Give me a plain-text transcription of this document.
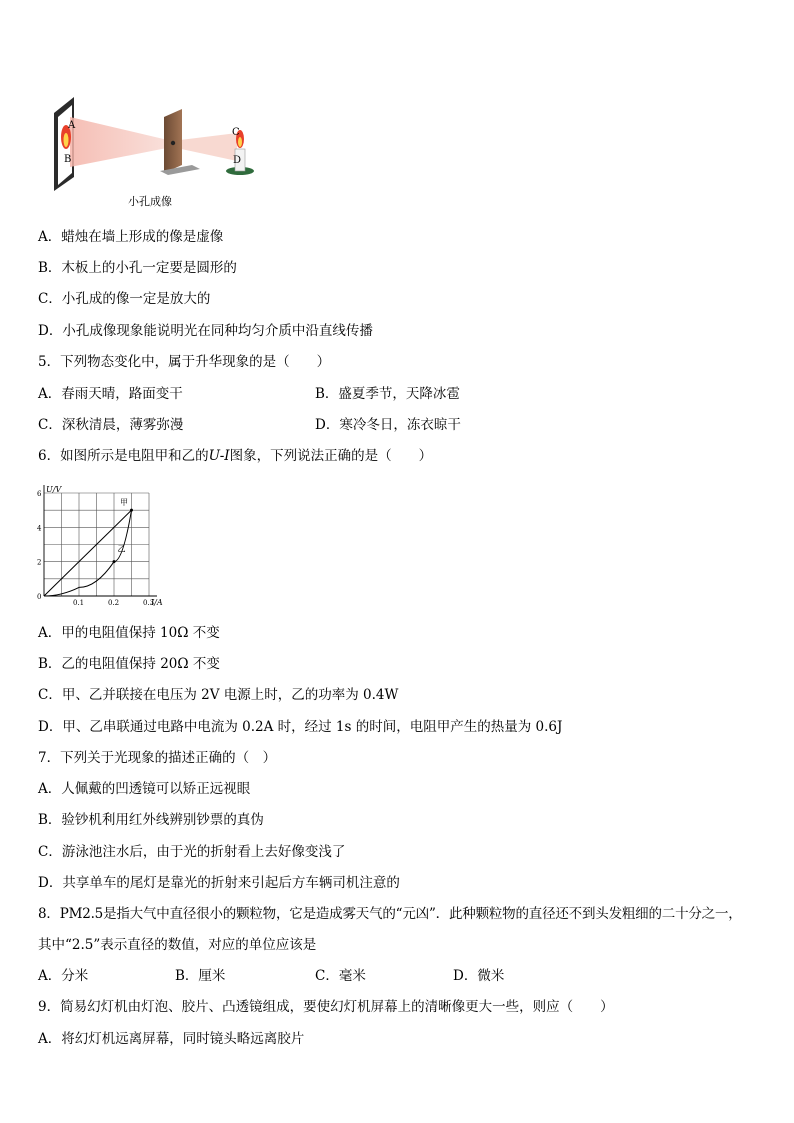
A
B
C
D
小孔成像
A．蜡烛在墙上形成的像是虚像
B．木板上的小孔一定要是圆形的
C．小孔成的像一定是放大的
D．小孔成像现象能说明光在同种均匀介质中沿直线传播
5．下列物态变化中，属于升华现象的是（　　）
A．春雨天晴，路面变干	B．盛夏季节，天降冰雹
C．深秋清晨，薄雾弥漫	D．寒冷冬日，冻衣晾干
6．如图所示是电阻甲和乙的U-I图象，下列说法正确的是（　　）
0.1	0.2	0.3
2
4
6
甲
乙
U/V
I/A
0
A．甲的电阻值保持 10Ω 不变
B．乙的电阻值保持 20Ω 不变
C．甲、乙并联接在电压为 2V 电源上时，乙的功率为 0.4W
D．甲、乙串联通过电路中电流为 0.2A 时，经过 1s 的时间，电阻甲产生的热量为 0.6J
7．下列关于光现象的描述正确的（　）
A．人佩戴的凹透镜可以矫正远视眼
B．验钞机利用红外线辨别钞票的真伪
C．游泳池注水后，由于光的折射看上去好像变浅了
D．共享单车的尾灯是靠光的折射来引起后方车辆司机注意的
8．PM2.5是指大气中直径很小的颗粒物，它是造成雾天气的“元凶”．此种颗粒物的直径还不到头发粗细的二十分之一，
其中“2.5”表示直径的数值，对应的单位应该是
A．分米	B．厘米	C．毫米	D．微米
9．简易幻灯机由灯泡、胶片、凸透镜组成，要使幻灯机屏幕上的清晰像更大一些，则应（　　）
A．将幻灯机远离屏幕，同时镜头略远离胶片
